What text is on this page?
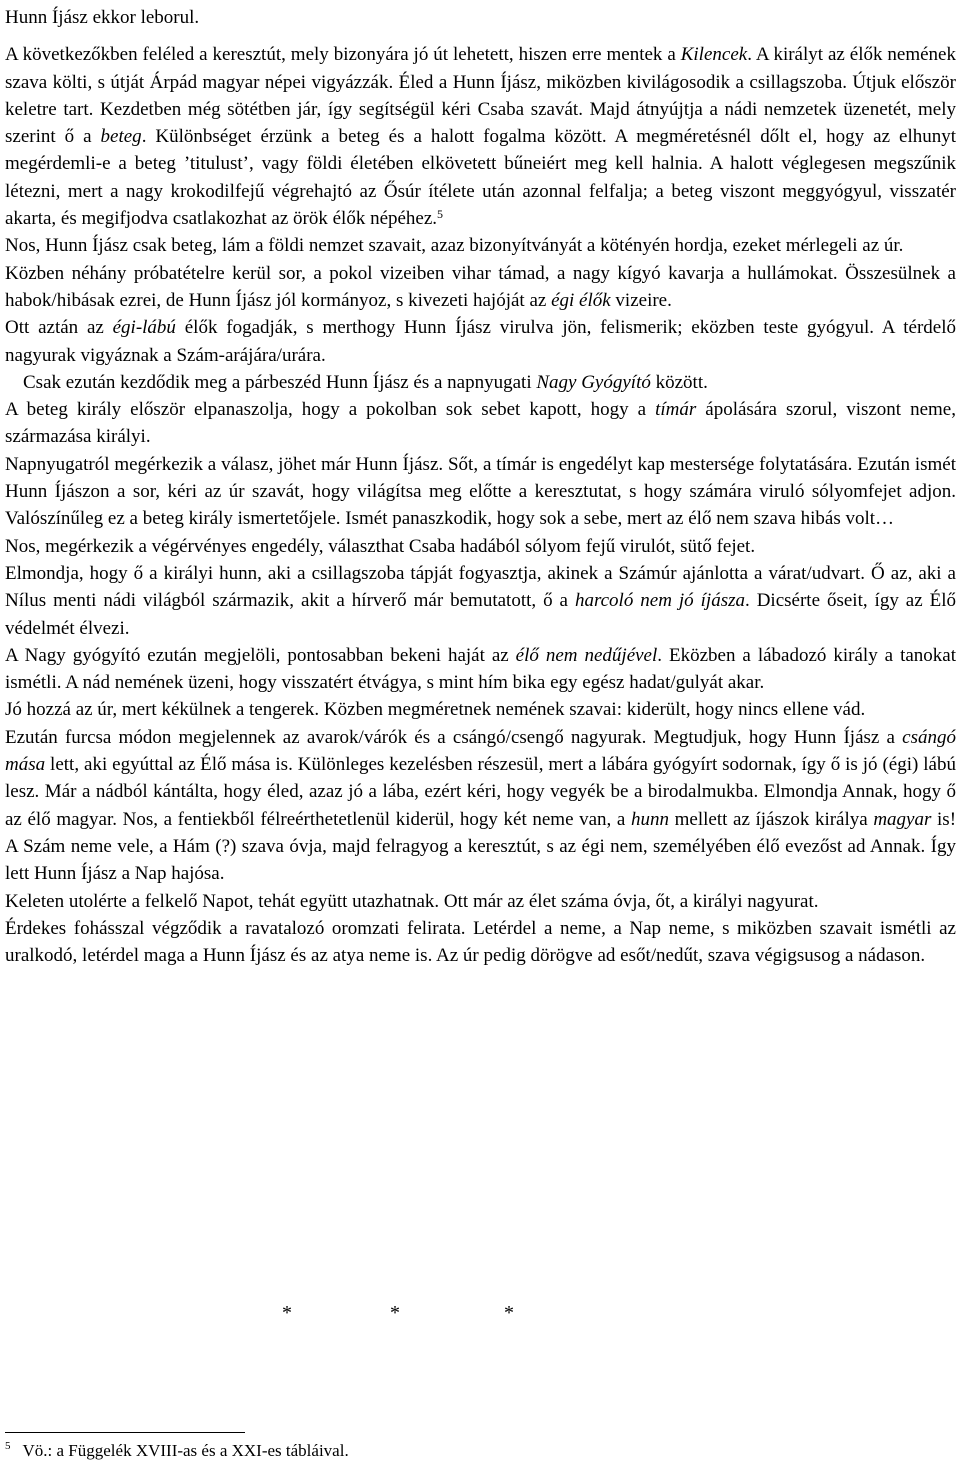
Hunn Íjász ekkor leborul.

A következőkben feléled a keresztút, mely bizonyára jó út lehetett, hiszen erre mentek a Kilencek. A királyt az élők nemének szava költi, s útját Árpád magyar népei vigyázzák. Éled a Hunn Íjász, miközben kivilágosodik a csillagszoba. Útjuk először keletre tart. Kezdetben még sötétben jár, így segítségül kéri Csaba szavát. Majd átnyújtja a nádi nemzetek üzenetét, mely szerint ő a beteg. Különbséget érzünk a beteg és a halott fogalma között. A megméretésnél dőlt el, hogy az elhunyt megérdemli-e a beteg ’titulust’, vagy földi életében elkövetett bűneiért meg kell halnia. A halott véglegesen megszűnik létezni, mert a nagy krokodilfejű végrehajtó az Ősúr ítélete után azonnal felfalja; a beteg viszont meggyógyul, visszatér akarta, és megifjodva csatlakozhat az örök élők népéhez.$^5$

Nos, Hunn Íjász csak beteg, lám a földi nemzet szavait, azaz bizonyítványát a kötényén hordja, ezeket mérlegeli az úr.

Közben néhány próbatételre kerül sor, a pokol vizeiben vihar támad, a nagy kígyó kavarja a hullámokat. Összesülnek a habok/hibásak ezrei, de Hunn Íjász jól kormányoz, s kivezeti hajóját az égi élők vizeire.

Ott aztán az égi-lábú élők fogadják, s merthogy Hunn Íjász virulva jön, felismerik; eközben teste gyógyul. A térdelő nagyurak vigyáznak a Szám-arájára/urára.

Csak ezután kezdődik meg a párbeszéd Hunn Íjász és a napnyugati Nagy Gyógyító között.

A beteg király először elpanaszolja, hogy a pokolban sok sebet kapott, hogy a tímár ápolására szorul, viszont neme, származása királyi.

Napnyugatról megérkezik a válasz, jöhet már Hunn Íjász. Sőt, a tímár is engedélyt kap mestersége folytatására. Ezután ismét Hunn Íjászon a sor, kéri az úr szavát, hogy világítsa meg előtte a keresztutat, s hogy számára viruló sólyomfejet adjon. Valószínűleg ez a beteg király ismertetőjele. Ismét panaszkodik, hogy sok a sebe, mert az élő nem szava hibás volt…

Nos, megérkezik a végérvényes engedély, választhat Csaba hadából sólyom fejű virulót, sütő fejet.

Elmondja, hogy ő a királyi hunn, aki a csillagszoba tápját fogyasztja, akinek a Számúr ajánlotta a várat/udvart. Ő az, aki a Nílus menti nádi világból származik, akit a hírverő már bemutatott, ő a harcoló nem jó íjásza. Dicsérte őseit, így az Élő védelmét élvezi.

A Nagy gyógyító ezután megjelöli, pontosabban bekeni haját az élő nem nedűjével. Eközben a lábadozó király a tanokat ismétli. A nád nemének üzeni, hogy visszatért étvágya, s mint hím bika egy egész hadat/gulyát akar.

Jó hozzá az úr, mert kékülnek a tengerek. Közben megméretnek nemének szavai: kiderült, hogy nincs ellene vád.

Ezután furcsa módon megjelennek az avarok/várók és a csángó/csengő nagyurak. Megtudjuk, hogy Hunn Íjász a csángó mása lett, aki egyúttal az Élő mása is. Különleges kezelésben részesül, mert a lábára gyógyírt sodornak, így ő is jó (égi) lábú lesz. Már a nádból kántálta, hogy éled, azaz jó a lába, ezért kéri, hogy vegyék be a birodalmukba. Elmondja Annak, hogy ő az élő magyar. Nos, a fentiekből félreérthetetlenül kiderül, hogy két neme van, a hunn mellett az íjászok királya magyar is! A Szám neme vele, a Hám (?) szava óvja, majd felragyog a keresztút, s az égi nem, személyében élő evezőst ad Annak. Így lett Hunn Íjász a Nap hajósa.

Keleten utolérte a felkelő Napot, tehát együtt utazhatnak. Ott már az élet száma óvja, őt, a királyi nagyurat.

Érdekes fohásszal végződik a ravatalozó oromzati felirata. Letérdel a neme, a Nap neme, s miközben szavait ismétli az uralkodó, letérdel maga a Hunn Íjász és az atya neme is. Az úr pedig dörögve ad esőt/nedűt, szava végigsusog a nádason.

*	*	*
$^5$ Vö.: a Függelék XVIII-as és a XXI-es tábláival.
